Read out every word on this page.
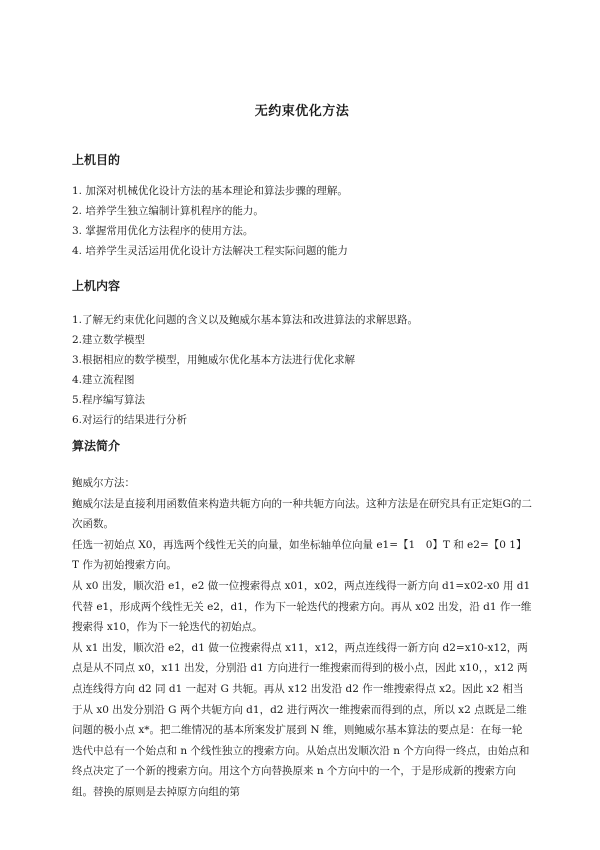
无约束优化方法
上机目的
1. 加深对机械优化设计方法的基本理论和算法步骤的理解。
2. 培养学生独立编制计算机程序的能力。
3. 掌握常用优化方法程序的使用方法。
4. 培养学生灵活运用优化设计方法解决工程实际问题的能力
上机内容
1.了解无约束优化问题的含义以及鲍威尔基本算法和改进算法的求解思路。
2.建立数学模型
3.根据相应的数学模型，用鲍威尔优化基本方法进行优化求解
4.建立流程图
5.程序编写算法
6.对运行的结果进行分析
算法简介

鲍威尔方法：

鲍威尔法是直接利用函数值来构造共轭方向的一种共轭方向法。这种方法是在研究具有正定矩G的二次函数。

任选一初始点 X0，再选两个线性无关的向量，如坐标轴单位向量 e1=【1　0】T 和 e2=【0 1】T 作为初始搜索方向。

从 x0 出发，顺次沿 e1，e2 做一位搜索得点 x01，x02，两点连线得一新方向 d1=x02-x0 用 d1 代替 e1，形成两个线性无关 e2，d1，作为下一轮迭代的搜索方向。再从 x02 出发，沿 d1 作一维搜索得 x10，作为下一轮迭代的初始点。

从 x1 出发，顺次沿 e2，d1 做一位搜索得点 x11，x12，两点连线得一新方向 d2=x10-x12，两点是从不同点 x0，x11 出发，分别沿 d1 方向进行一维搜索而得到的极小点，因此 x10，，x12 两点连线得方向 d2 同 d1 一起对 G 共轭。再从 x12 出发沿 d2 作一维搜索得点 x2。因此 x2 相当于从 x0 出发分别沿 G 两个共轭方向 d1，d2 进行两次一维搜索而得到的点，所以 x2 点既是二维问题的极小点 x*。把二维情况的基本所案发扩展到 N 维，则鲍威尔基本算法的要点是：在每一轮迭代中总有一个始点和 n 个线性独立的搜索方向。从始点出发顺次沿 n 个方向得一终点，由始点和终点决定了一个新的搜索方向。用这个方向替换原来 n 个方向中的一个，于是形成新的搜索方向组。替换的原则是去掉原方向组的第
